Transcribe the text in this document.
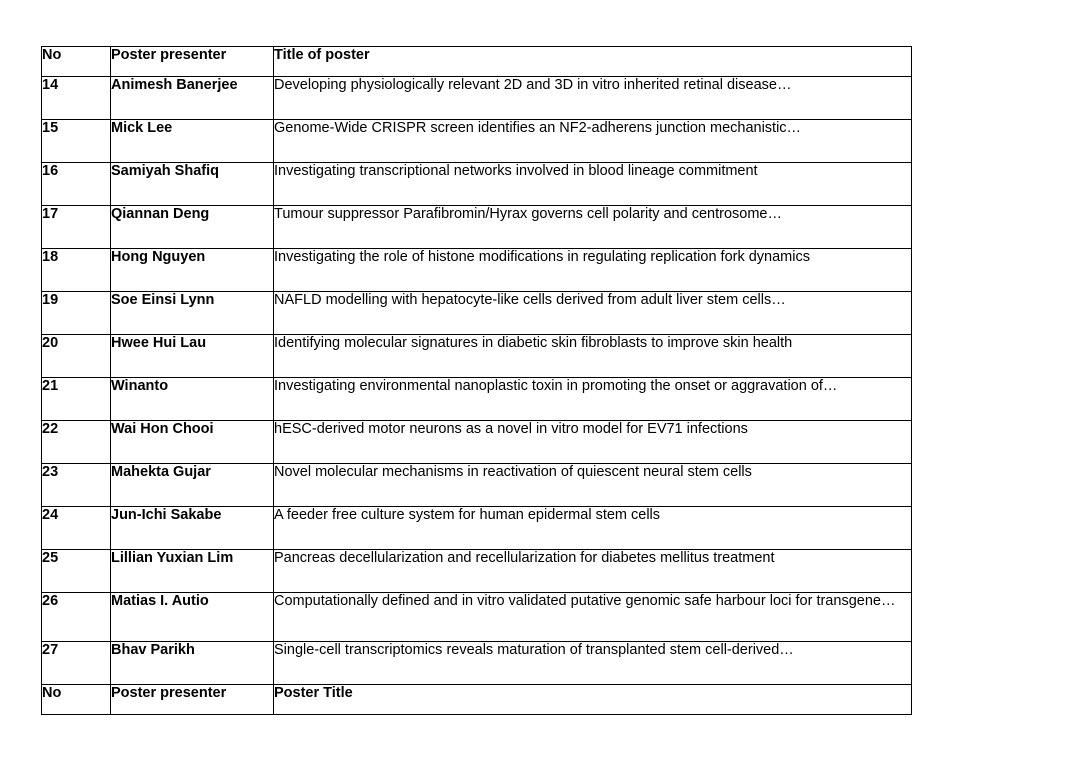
No	Poster presenter	Title of poster
14	Animesh Banerjee	Developing physiologically relevant 2D and 3D in vitro inherited retinal disease…
15	Mick Lee	Genome-Wide CRISPR screen identifies an NF2-adherens junction mechanistic…
16	Samiyah Shafiq	Investigating transcriptional networks involved in blood lineage commitment
17	Qiannan Deng	Tumour suppressor Parafibromin/Hyrax governs cell polarity and centrosome…
18	Hong Nguyen	Investigating the role of histone modifications in regulating replication fork dynamics
19	Soe Einsi Lynn	NAFLD modelling with hepatocyte-like cells derived from adult liver stem cells…
20	Hwee Hui Lau	Identifying molecular signatures in diabetic skin fibroblasts to improve skin health
21	Winanto	Investigating environmental nanoplastic toxin in promoting the onset or aggravation of…
22	Wai Hon Chooi	hESC-derived motor neurons as a novel in vitro model for EV71 infections
23	Mahekta Gujar	Novel molecular mechanisms in reactivation of quiescent neural stem cells
24	Jun-Ichi Sakabe	A feeder free culture system for human epidermal stem cells
25	Lillian Yuxian Lim	Pancreas decellularization and recellularization for diabetes mellitus treatment
26	Matias I. Autio	Computationally defined and in vitro validated putative genomic safe harbour loci for transgene…
27	Bhav Parikh	Single-cell transcriptomics reveals maturation of transplanted stem cell-derived…
No	Poster presenter	Poster Title
